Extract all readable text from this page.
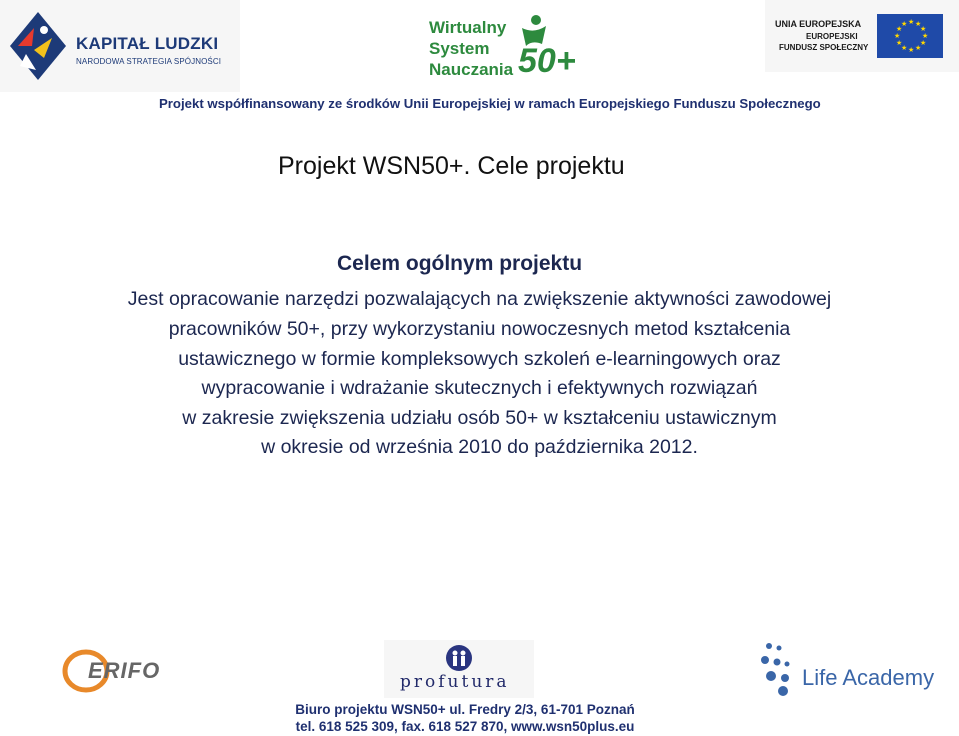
KAPITAŁ LUDZKI
NARODOWA STRATEGIA SPÓJNOŚCI
Wirtualny
System
Nauczania 50+
UNIA EUROPEJSKA
EUROPEJSKI
FUNDUSZ SPOŁECZNY
★ ★
★
★
★
★
★
★
★
★
★
★
Projekt współfinansowany ze środków Unii Europejskiej w ramach Europejskiego Funduszu Społecznego
Projekt WSN50+. Cele projektu
Celem ogólnym projektu
Jest opracowanie narzędzi pozwalających na zwiększenie aktywności zawodowej
pracowników 50+, przy wykorzystaniu nowoczesnych metod kształcenia
ustawicznego w formie kompleksowych szkoleń e-learningowych oraz
wypracowanie i wdrażanie skutecznych i efektywnych rozwiązań
w zakresie zwiększenia udziału osób 50+ w kształceniu ustawicznym
w okresie od września 2010 do października 2012.
ERIFO	profutura	Life Academy
Biuro projektu WSN50+ ul. Fredry 2/3, 61-701 Poznań
tel. 618 525 309, fax. 618 527 870, www.wsn50plus.eu
